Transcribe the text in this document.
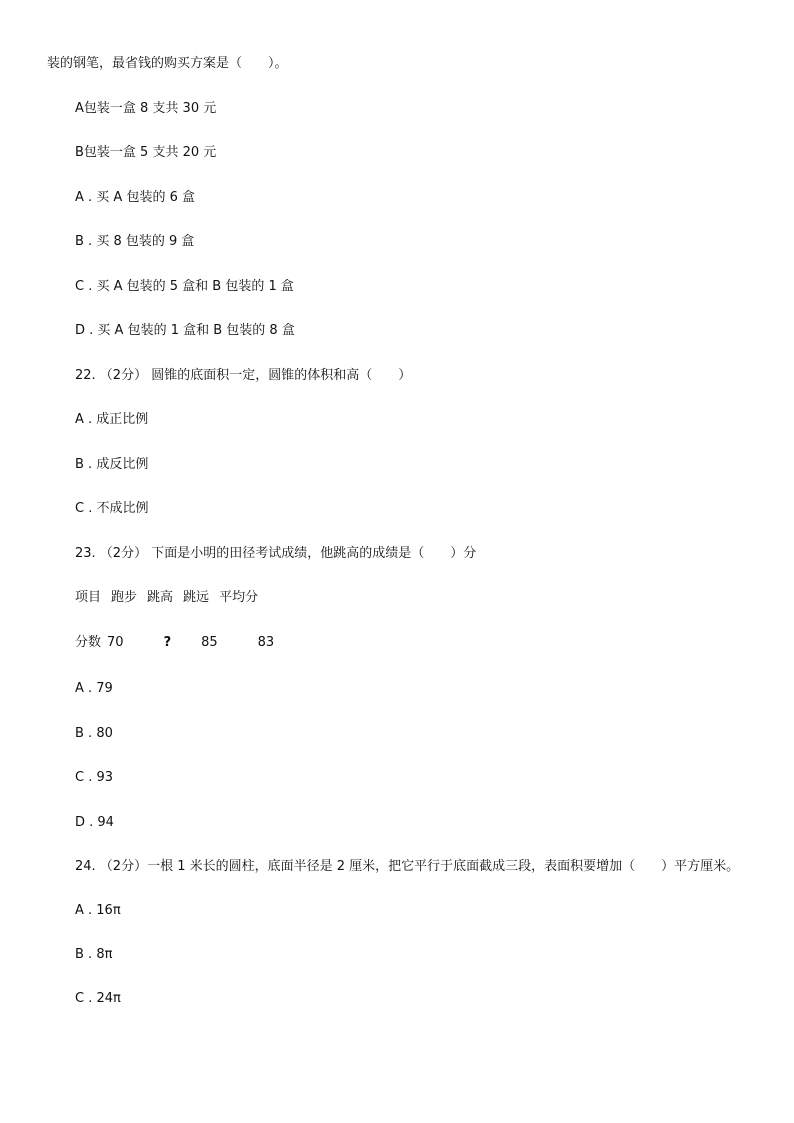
装的钢笔，最省钱的购买方案是（　　）。
A包装一盒 8 支共 30 元
B包装一盒 5 支共 20 元
A . 买 A 包装的 6 盒
B . 买 8 包装的 9 盒
C . 买 A 包装的 5 盒和 B 包装的 1 盒
D . 买 A 包装的 1 盒和 B 包装的 8 盒
22. （2分） 圆锥的底面积一定，圆锥的体积和高（　　）
A . 成正比例
B . 成反比例
C . 不成比例
23. （2分） 下面是小明的田径考试成绩，他跳高的成绩是（　　）分
项目 跑步 跳高 跳远 平均分
分数 70	? 85	83
A . 79
B . 80
C . 93
D . 94

24. （2分）一根 1 米长的圆柱，底面半径是 2 厘米，把它平行于底面截成三段，表面积要增加（　　）平方厘米。

A . 16π

B . 8π

C . 24π
